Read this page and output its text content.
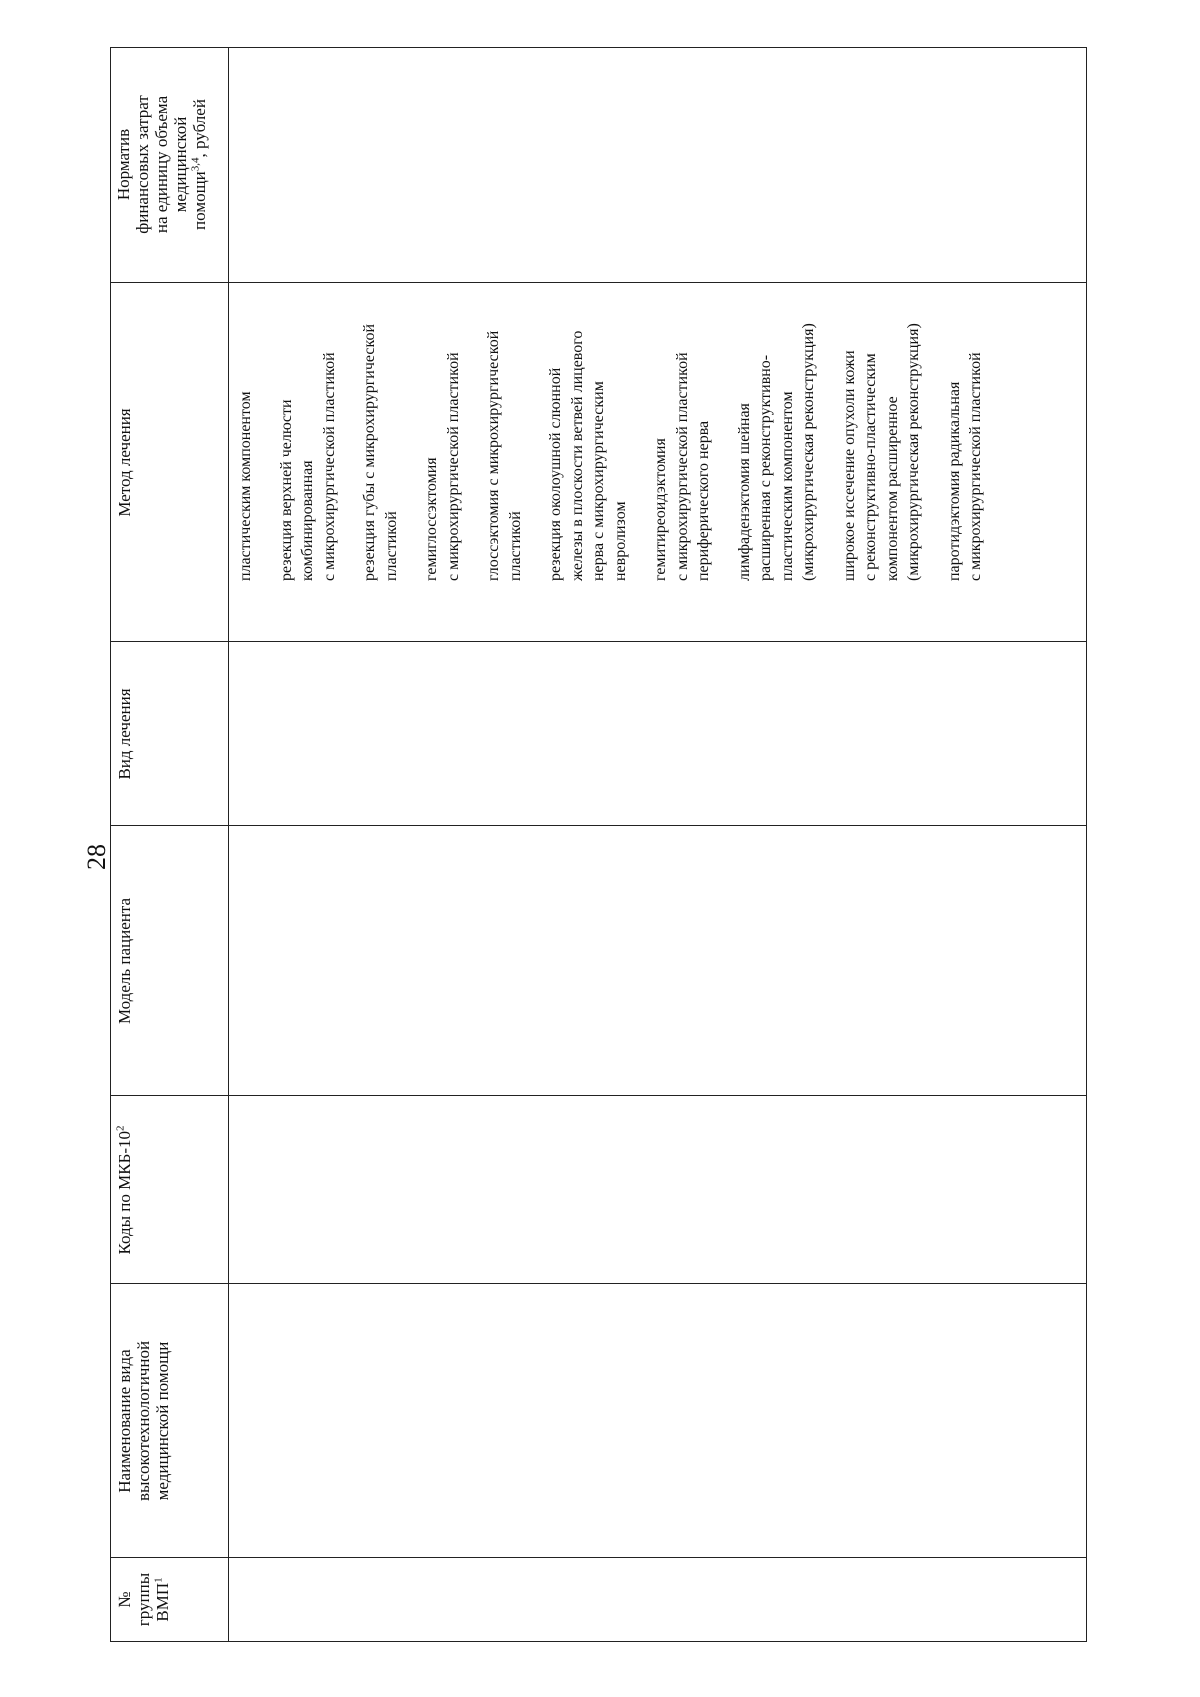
28
№ группы ВМП$^1$
Наименование вида высокотехнологичной медицинской помощи
Коды по МКБ-$10^2$
Модель пациента
Вид лечения
Метод лечения
Норматив финансовых затрат на единицу объема медицинской помощи$^{3,4}$, рублей
пластическим компонентом резекция верхней челюсти комбинированная с микрохирургической пластикой резекция губы с микрохирургической пластикой гемиглоссэктомия с микрохирургической пластикой глоссэктомия с микрохирургической пластикой резекция околоушной слюнной железы в плоскости ветвей лицевого нерва с микрохирургическим невролизом гемитиреоидэктомия с микрохирургической пластикой периферического нерва лимфаденэктомия шейная расширенная с реконструктивно- пластическим компонентом (микрохирургическая реконструкция) широкое иссечение опухоли кожи с реконструктивно-пластическим компонентом расширенное (микрохирургическая реконструкция) паротидэктомия радикальная с микрохирургической пластикой
